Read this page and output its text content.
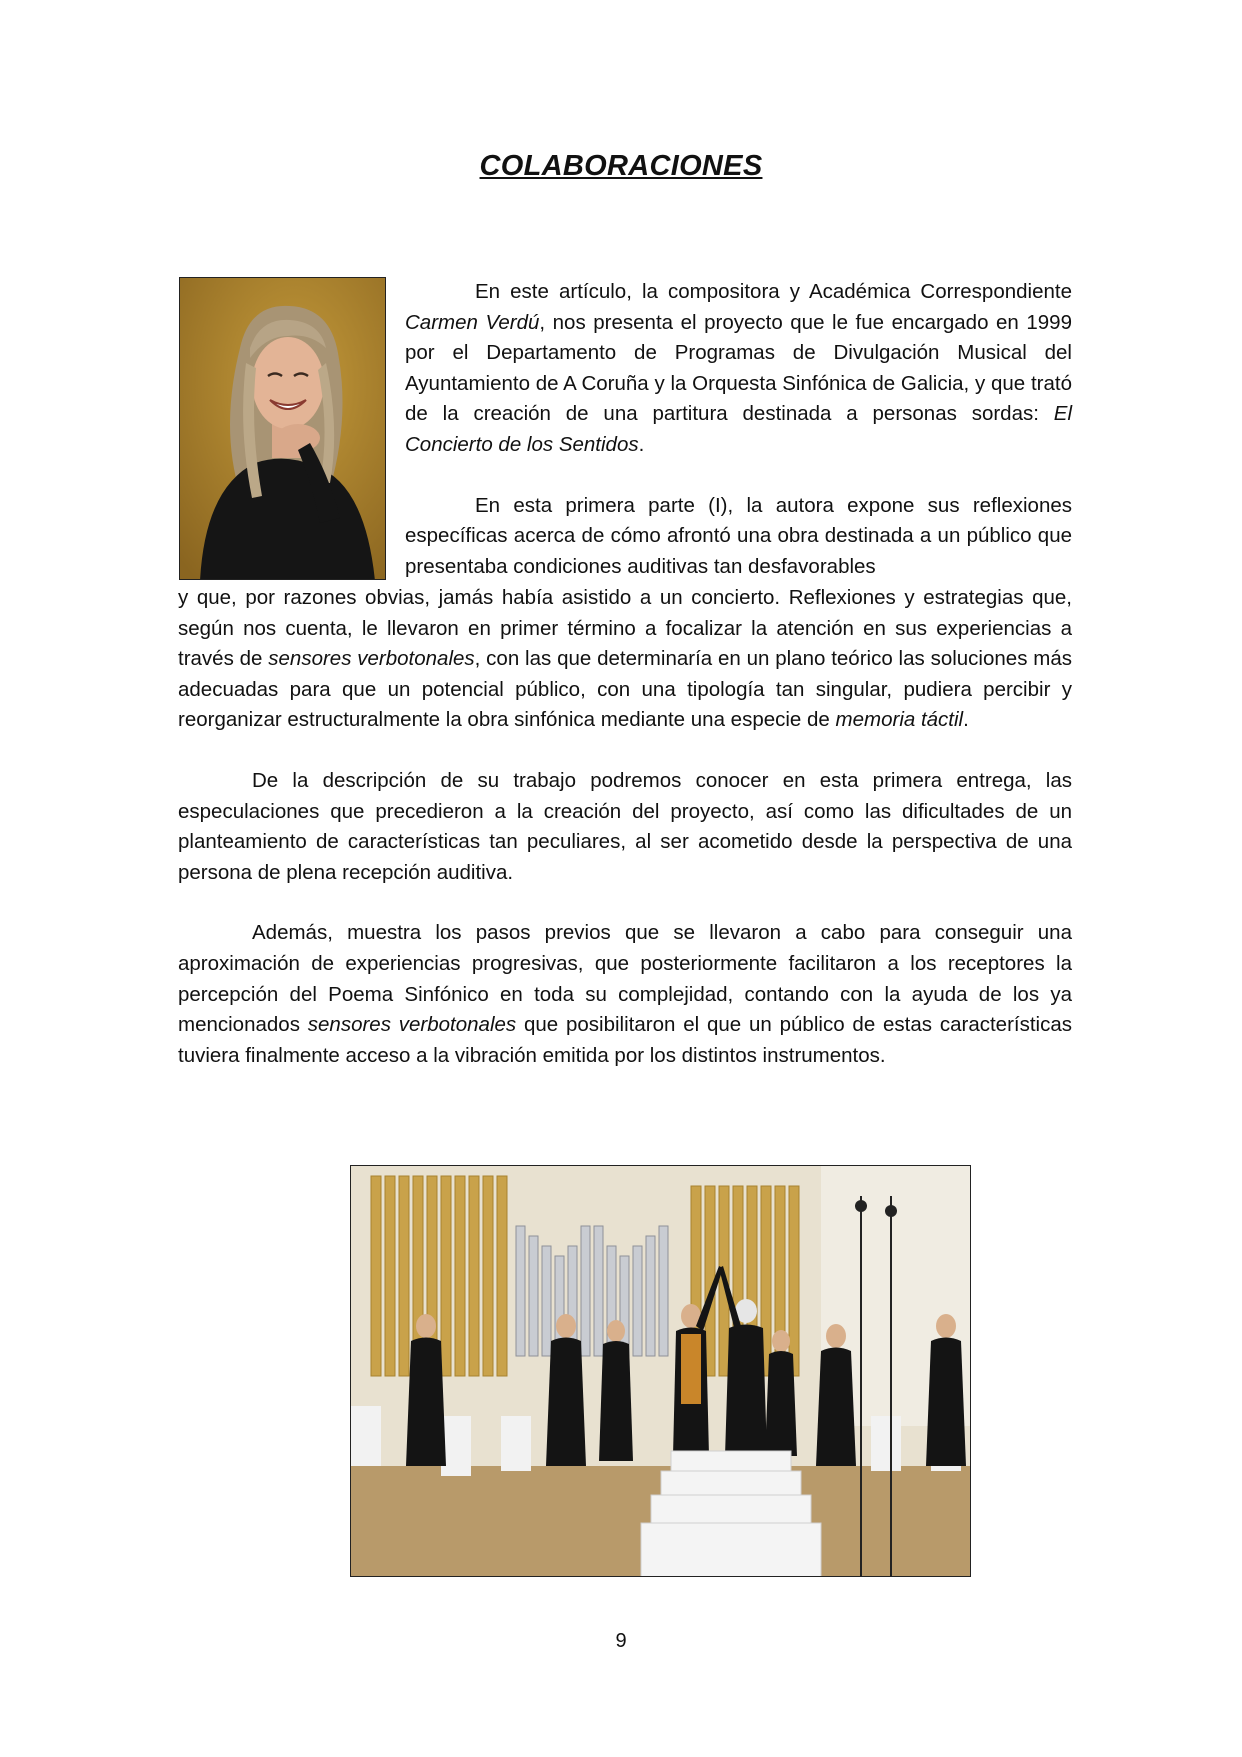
COLABORACIONES

En este artículo, la compositora y Académica Correspondiente Carmen Verdú, nos presenta el proyecto que le fue encargado en 1999 por el Departamento de Programas de Divulgación Musical del Ayuntamiento de A Coruña y la Orquesta Sinfónica de Galicia, y que trató de la creación de una partitura destinada a personas sordas: El Concierto de los Sentidos.

En esta primera parte (I), la autora expone sus reflexiones específicas acerca de cómo afrontó una obra destinada a un público que presentaba condiciones auditivas tan desfavorables

y que, por razones obvias, jamás había asistido a un concierto. Reflexiones y estrategias que, según nos cuenta, le llevaron en primer término a focalizar la atención en sus experiencias a través de sensores verbotonales, con las que determinaría en un plano teórico las soluciones más adecuadas para que un potencial público, con una tipología tan singular, pudiera percibir y reorganizar estructuralmente la obra sinfónica mediante una especie de memoria táctil.

De la descripción de su trabajo podremos conocer en esta primera entrega, las especulaciones que precedieron a la creación del proyecto, así como las dificultades de un planteamiento de características tan peculiares, al ser acometido desde la perspectiva de una persona de plena recepción auditiva.

Además, muestra los pasos previos que se llevaron a cabo para conseguir una aproximación de experiencias progresivas, que posteriormente facilitaron a los receptores la percepción del Poema Sinfónico en toda su complejidad, contando con la ayuda de los ya mencionados sensores verbotonales que posibilitaron el que un público de estas características tuviera finalmente acceso a la vibración emitida por los distintos instrumentos.

9
